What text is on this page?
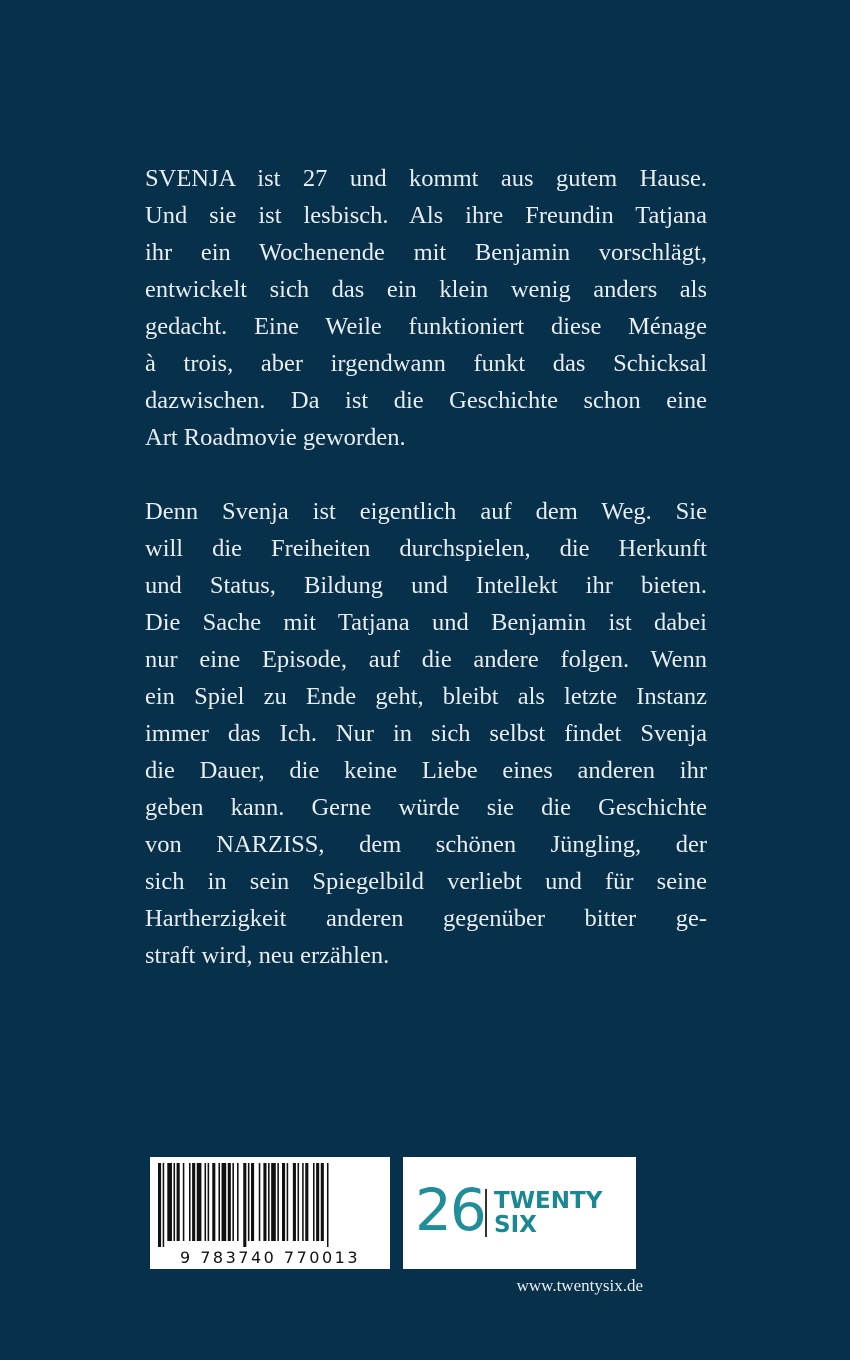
SVENJA ist 27 und kommt aus gutem Hause.
Und sie ist lesbisch. Als ihre Freundin Tatjana
ihr ein Wochenende mit Benjamin vorschlägt,
entwickelt sich das ein klein wenig anders als
gedacht. Eine Weile funktioniert diese Ménage
à trois, aber irgendwann funkt das Schicksal
dazwischen. Da ist die Geschichte schon eine
Art Roadmovie geworden.
Denn Svenja ist eigentlich auf dem Weg. Sie
will die Freiheiten durchspielen, die Herkunft
und Status, Bildung und Intellekt ihr bieten.
Die Sache mit Tatjana und Benjamin ist dabei
nur eine Episode, auf die andere folgen. Wenn
ein Spiel zu Ende geht, bleibt als letzte Instanz
immer das Ich. Nur in sich selbst findet Svenja
die Dauer, die keine Liebe eines anderen ihr
geben kann. Gerne würde sie die Geschichte
von NARZISS, dem schönen Jüngling, der
sich in sein Spiegelbild verliebt und für seine
Hartherzigkeit anderen gegenüber bitter ge-
straft wird, neu erzählen.
9 783740 770013
26 TWENTY
SIX
www.twentysix.de
